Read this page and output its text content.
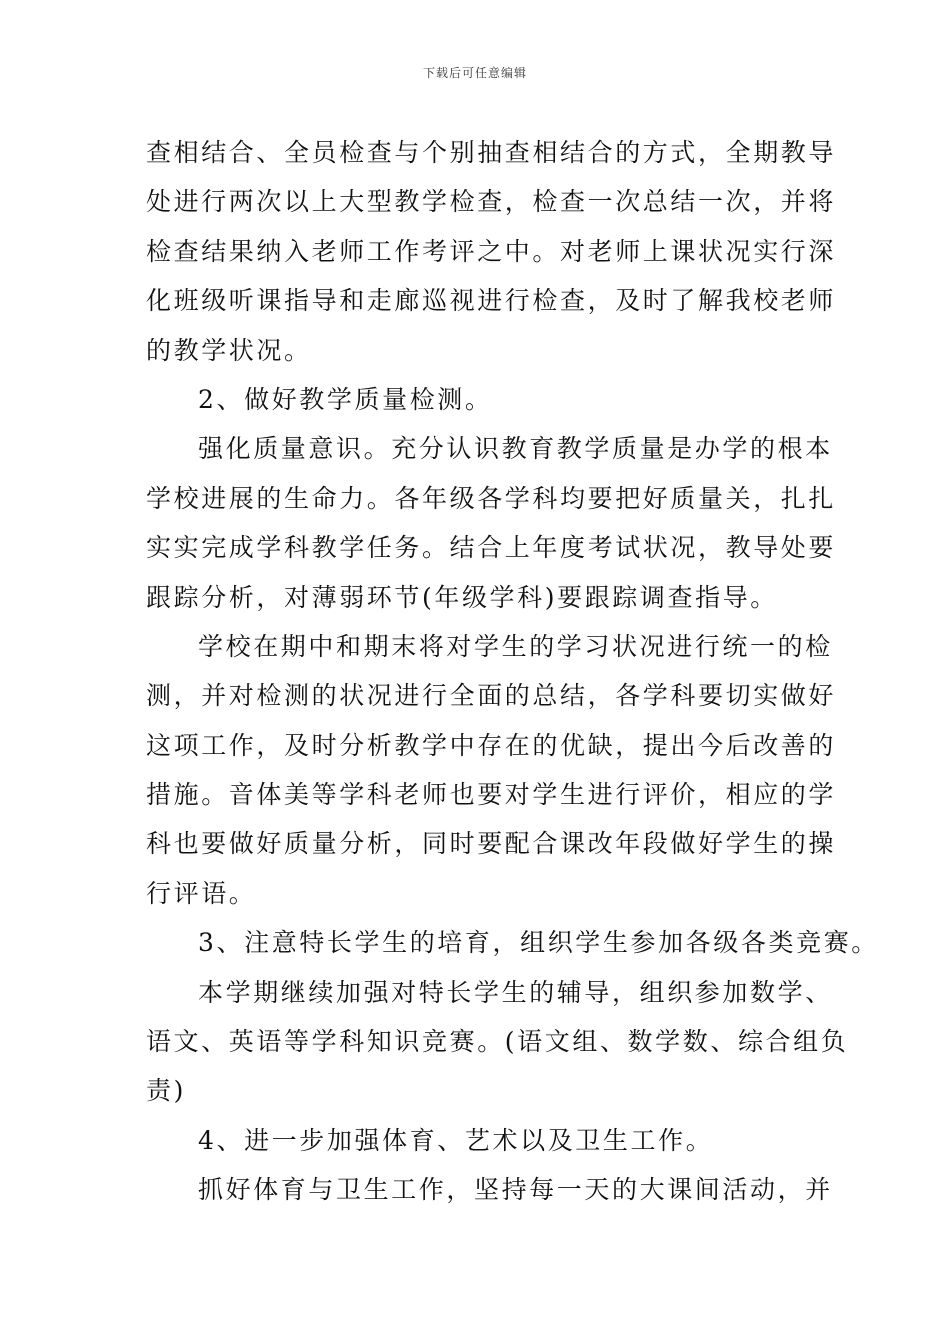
下载后可任意编辑
查相结合、全员检查与个别抽查相结合的方式，全期教导
处进行两次以上大型教学检查，检查一次总结一次，并将
检查结果纳入老师工作考评之中。对老师上课状况实行深
化班级听课指导和走廊巡视进行检查，及时了解我校老师
的教学状况。
2、做好教学质量检测。
强化质量意识。充分认识教育教学质量是办学的根本
学校进展的生命力。各年级各学科均要把好质量关，扎扎
实实完成学科教学任务。结合上年度考试状况，教导处要
跟踪分析，对薄弱环节(年级学科)要跟踪调查指导。
学校在期中和期末将对学生的学习状况进行统一的检
测，并对检测的状况进行全面的总结，各学科要切实做好
这项工作，及时分析教学中存在的优缺，提出今后改善的
措施。音体美等学科老师也要对学生进行评价，相应的学
科也要做好质量分析，同时要配合课改年段做好学生的操
行评语。
3、注意特长学生的培育，组织学生参加各级各类竞赛。
本学期继续加强对特长学生的辅导，组织参加数学、
语文、英语等学科知识竞赛。(语文组、数学数、综合组负
责)
4、进一步加强体育、艺术以及卫生工作。
抓好体育与卫生工作，坚持每一天的大课间活动，并
